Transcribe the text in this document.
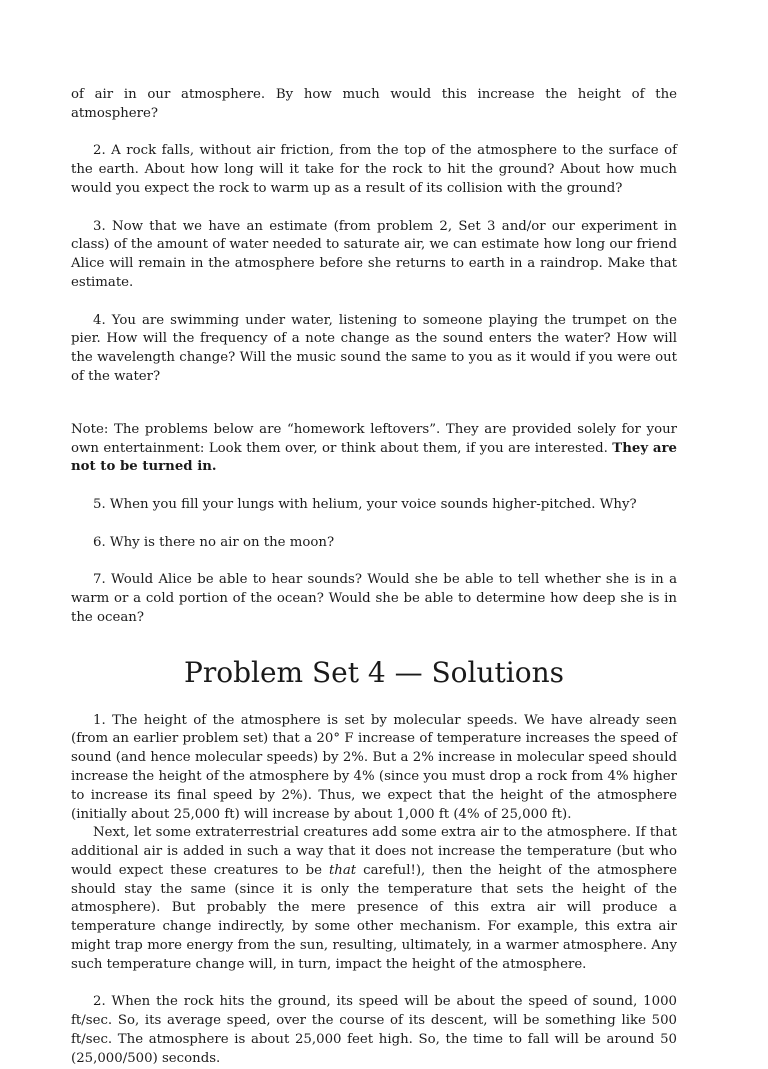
of air in our atmosphere. By how much would this increase the height of the atmosphere?

2. A rock falls, without air friction, from the top of the atmosphere to the surface of the earth. About how long will it take for the rock to hit the ground? About how much would you expect the rock to warm up as a result of its collision with the ground?

3. Now that we have an estimate (from problem 2, Set 3 and/or our experiment in class) of the amount of water needed to saturate air, we can estimate how long our friend Alice will remain in the atmosphere before she returns to earth in a raindrop. Make that estimate.

4. You are swimming under water, listening to someone playing the trumpet on the pier. How will the frequency of a note change as the sound enters the water? How will the wavelength change? Will the music sound the same to you as it would if you were out of the water?

Note: The problems below are “homework leftovers”. They are provided solely for your own entertainment: Look them over, or think about them, if you are interested. They are not to be turned in.

5. When you fill your lungs with helium, your voice sounds higher-pitched. Why?

6. Why is there no air on the moon?

7. Would Alice be able to hear sounds? Would she be able to tell whether she is in a warm or a cold portion of the ocean? Would she be able to determine how deep she is in the ocean?

Problem Set 4 — Solutions

1. The height of the atmosphere is set by molecular speeds. We have already seen (from an earlier problem set) that a 20° F increase of temperature increases the speed of sound (and hence molecular speeds) by 2%. But a 2% increase in molecular speed should increase the height of the atmosphere by 4% (since you must drop a rock from 4% higher to increase its final speed by 2%). Thus, we expect that the height of the atmosphere (initially about 25,000 ft) will increase by about 1,000 ft (4% of 25,000 ft).

Next, let some extraterrestrial creatures add some extra air to the atmosphere. If that additional air is added in such a way that it does not increase the temperature (but who would expect these creatures to be that careful!), then the height of the atmosphere should stay the same (since it is only the temperature that sets the height of the atmosphere). But probably the mere presence of this extra air will produce a temperature change indirectly, by some other mechanism. For example, this extra air might trap more energy from the sun, resulting, ultimately, in a warmer atmosphere. Any such temperature change will, in turn, impact the height of the atmosphere.

2. When the rock hits the ground, its speed will be about the speed of sound, 1000 ft/sec. So, its average speed, over the course of its descent, will be something like 500 ft/sec. The atmosphere is about 25,000 feet high. So, the time to fall will be around 50 (25,000/500) seconds.
